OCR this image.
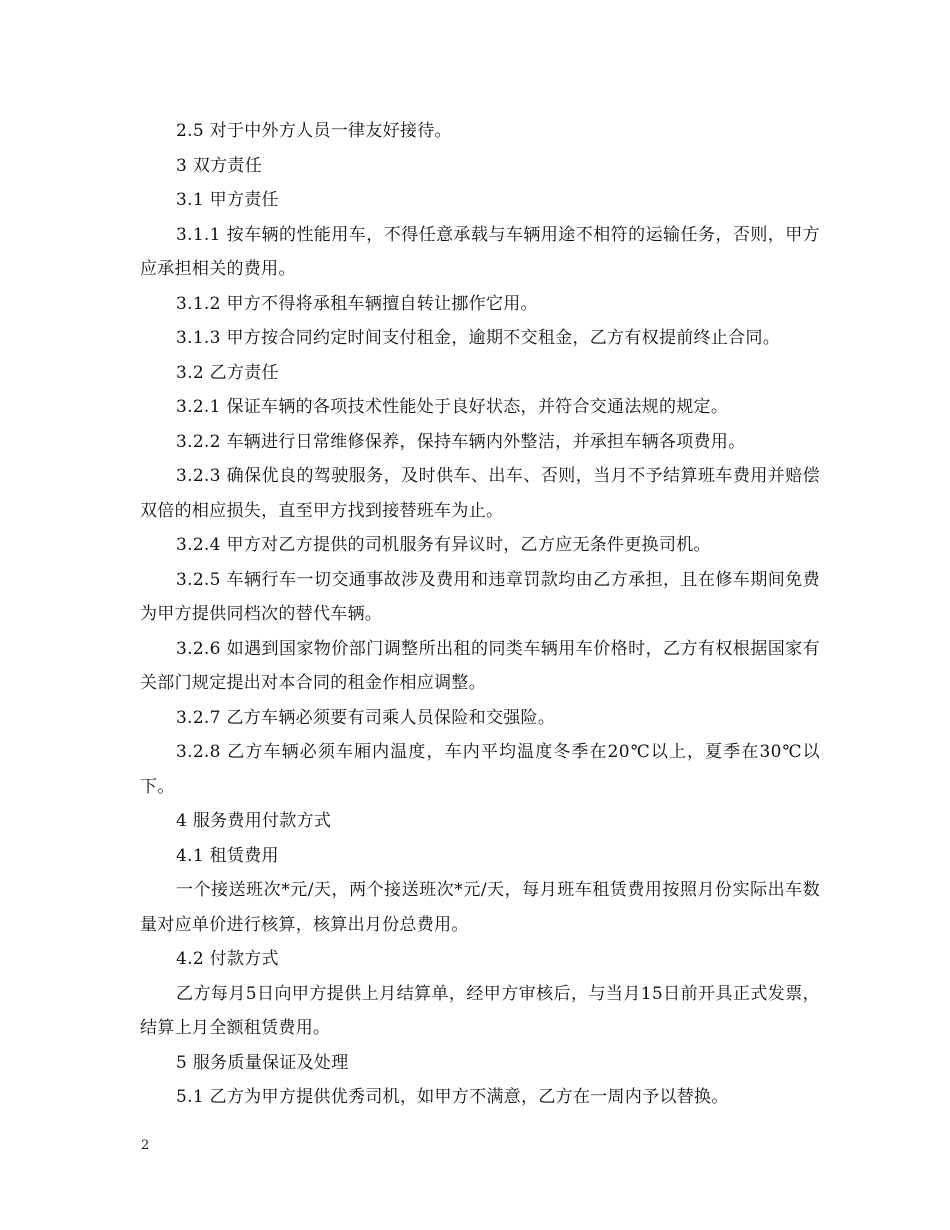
2.5 对于中外方人员一律友好接待。

3 双方责任

3.1 甲方责任

3.1.1 按车辆的性能用车，不得任意承载与车辆用途不相符的运输任务，否则，甲方应承担相关的费用。

3.1.2 甲方不得将承租车辆擅自转让挪作它用。

3.1.3 甲方按合同约定时间支付租金，逾期不交租金，乙方有权提前终止合同。

3.2 乙方责任

3.2.1 保证车辆的各项技术性能处于良好状态，并符合交通法规的规定。

3.2.2 车辆进行日常维修保养，保持车辆内外整洁，并承担车辆各项费用。

3.2.3 确保优良的驾驶服务，及时供车、出车、否则，当月不予结算班车费用并赔偿双倍的相应损失，直至甲方找到接替班车为止。

3.2.4 甲方对乙方提供的司机服务有异议时，乙方应无条件更换司机。

3.2.5 车辆行车一切交通事故涉及费用和违章罚款均由乙方承担，且在修车期间免费为甲方提供同档次的替代车辆。

3.2.6 如遇到国家物价部门调整所出租的同类车辆用车价格时，乙方有权根据国家有关部门规定提出对本合同的租金作相应调整。

3.2.7 乙方车辆必须要有司乘人员保险和交强险。

3.2.8 乙方车辆必须车厢内温度，车内平均温度冬季在20℃以上，夏季在30℃以下。

4 服务费用付款方式

4.1 租赁费用

一个接送班次*元/天，两个接送班次*元/天，每月班车租赁费用按照月份实际出车数量对应单价进行核算，核算出月份总费用。

4.2 付款方式

乙方每月5日向甲方提供上月结算单，经甲方审核后，与当月15日前开具正式发票，结算上月全额租赁费用。

5 服务质量保证及处理

5.1 乙方为甲方提供优秀司机，如甲方不满意，乙方在一周内予以替换。

2
